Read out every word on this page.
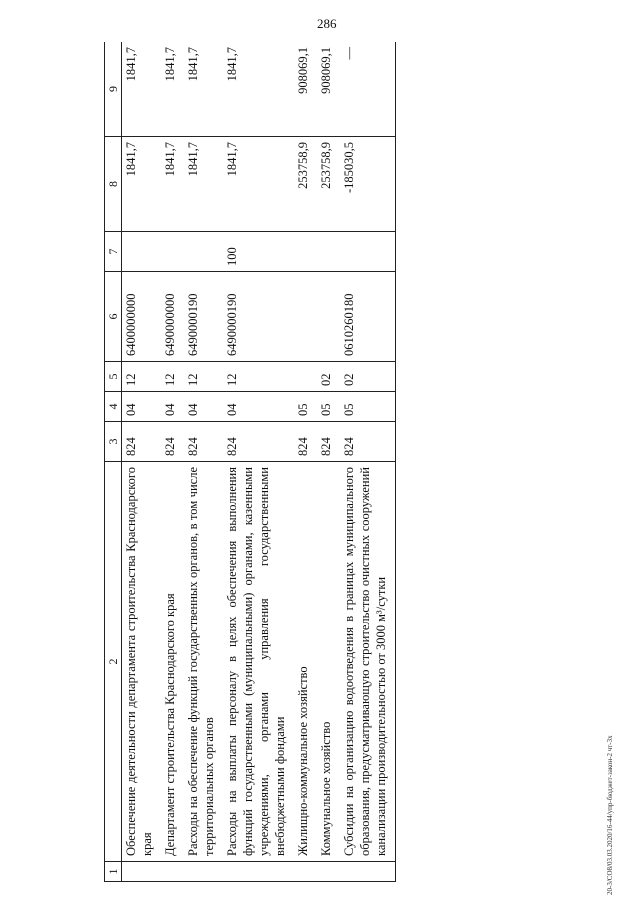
286
20-3/СО8/03.03.2020/16-44/упр-бюджет-закон-2 чт-3х
1	2	3	4	5	6	7	8	9
	Обеспечение деятельности департамента строительства Краснодарского края	824	04	12	6400000000		1841,7	1841,7
	Департамент строительства Краснодарского края	824	04	12	6490000000		1841,7	1841,7
	Расходы на обеспечение функций государственных органов, в том числе территориальных органов	824	04	12	6490000190		1841,7	1841,7
	Расходы на выплаты персоналу в целях обеспечения выполнения функций государственными (муниципальными) органами, казенными учреждениями, органами управления государственными внебюджетными фондами	824	04	12	6490000190	100	1841,7	1841,7
	Жилищно-коммунальное хозяйство	824	05				253758,9	908069,1
	Коммунальное хозяйство	824	05	02			253758,9	908069,1
	Субсидии на организацию водоотведения в границах муниципального образования, предусматривающую строительство очистных сооружений канализации производительностью от 3000 м³/сутки	824	05	02	0610260180		-185030,5	—
